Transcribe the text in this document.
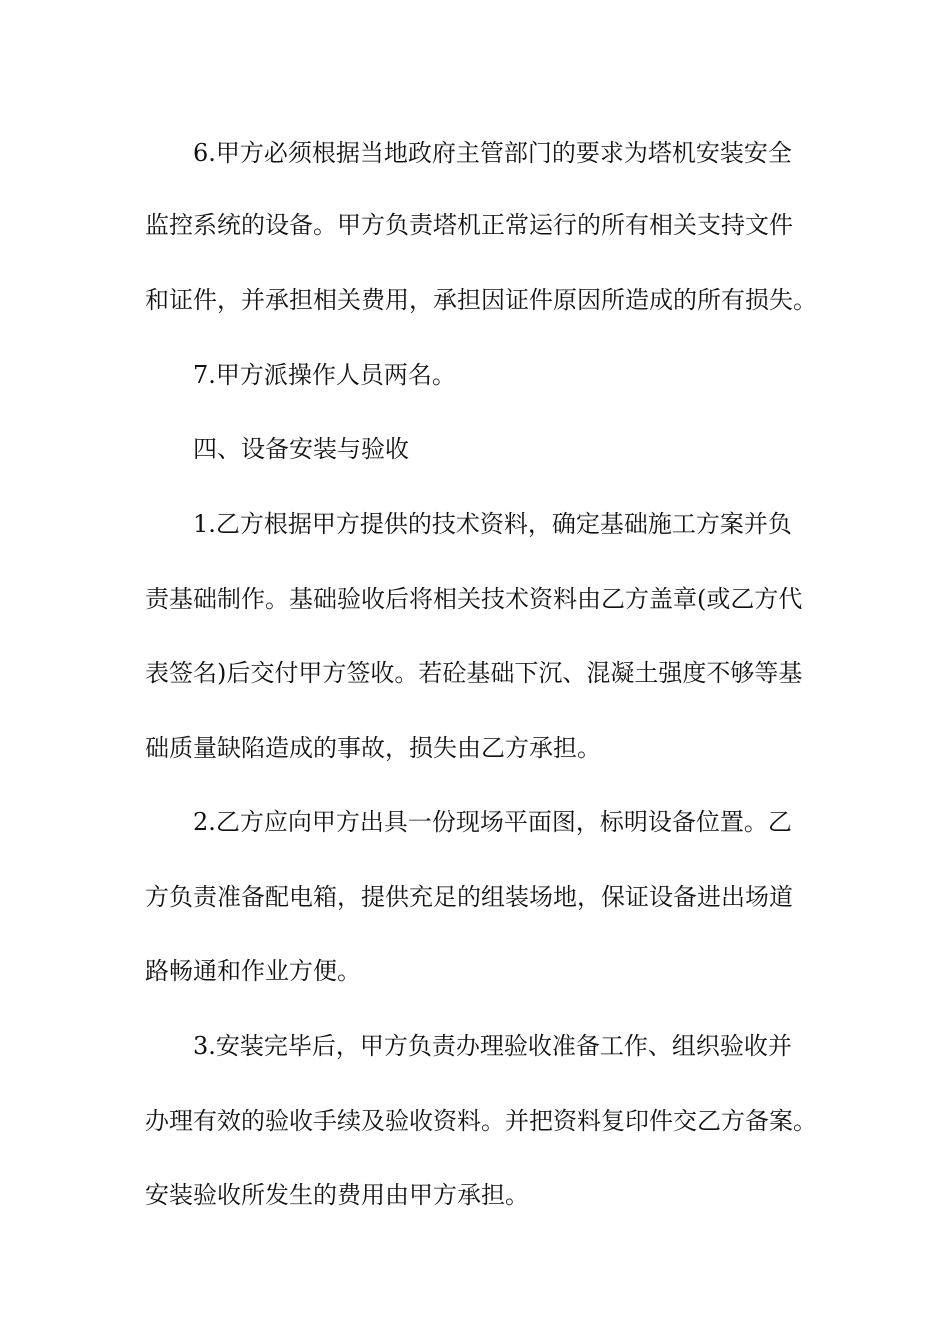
6.甲方必须根据当地政府主管部门的要求为塔机安装安全
监控系统的设备。甲方负责塔机正常运行的所有相关支持文件
和证件，并承担相关费用，承担因证件原因所造成的所有损失。
7.甲方派操作人员两名。
四、设备安装与验收
1.乙方根据甲方提供的技术资料，确定基础施工方案并负
责基础制作。基础验收后将相关技术资料由乙方盖章(或乙方代
表签名)后交付甲方签收。若砼基础下沉、混凝土强度不够等基
础质量缺陷造成的事故，损失由乙方承担。
2.乙方应向甲方出具一份现场平面图，标明设备位置。乙
方负责准备配电箱，提供充足的组装场地，保证设备进出场道
路畅通和作业方便。
3.安装完毕后，甲方负责办理验收准备工作、组织验收并
办理有效的验收手续及验收资料。并把资料复印件交乙方备案。
安装验收所发生的费用由甲方承担。
